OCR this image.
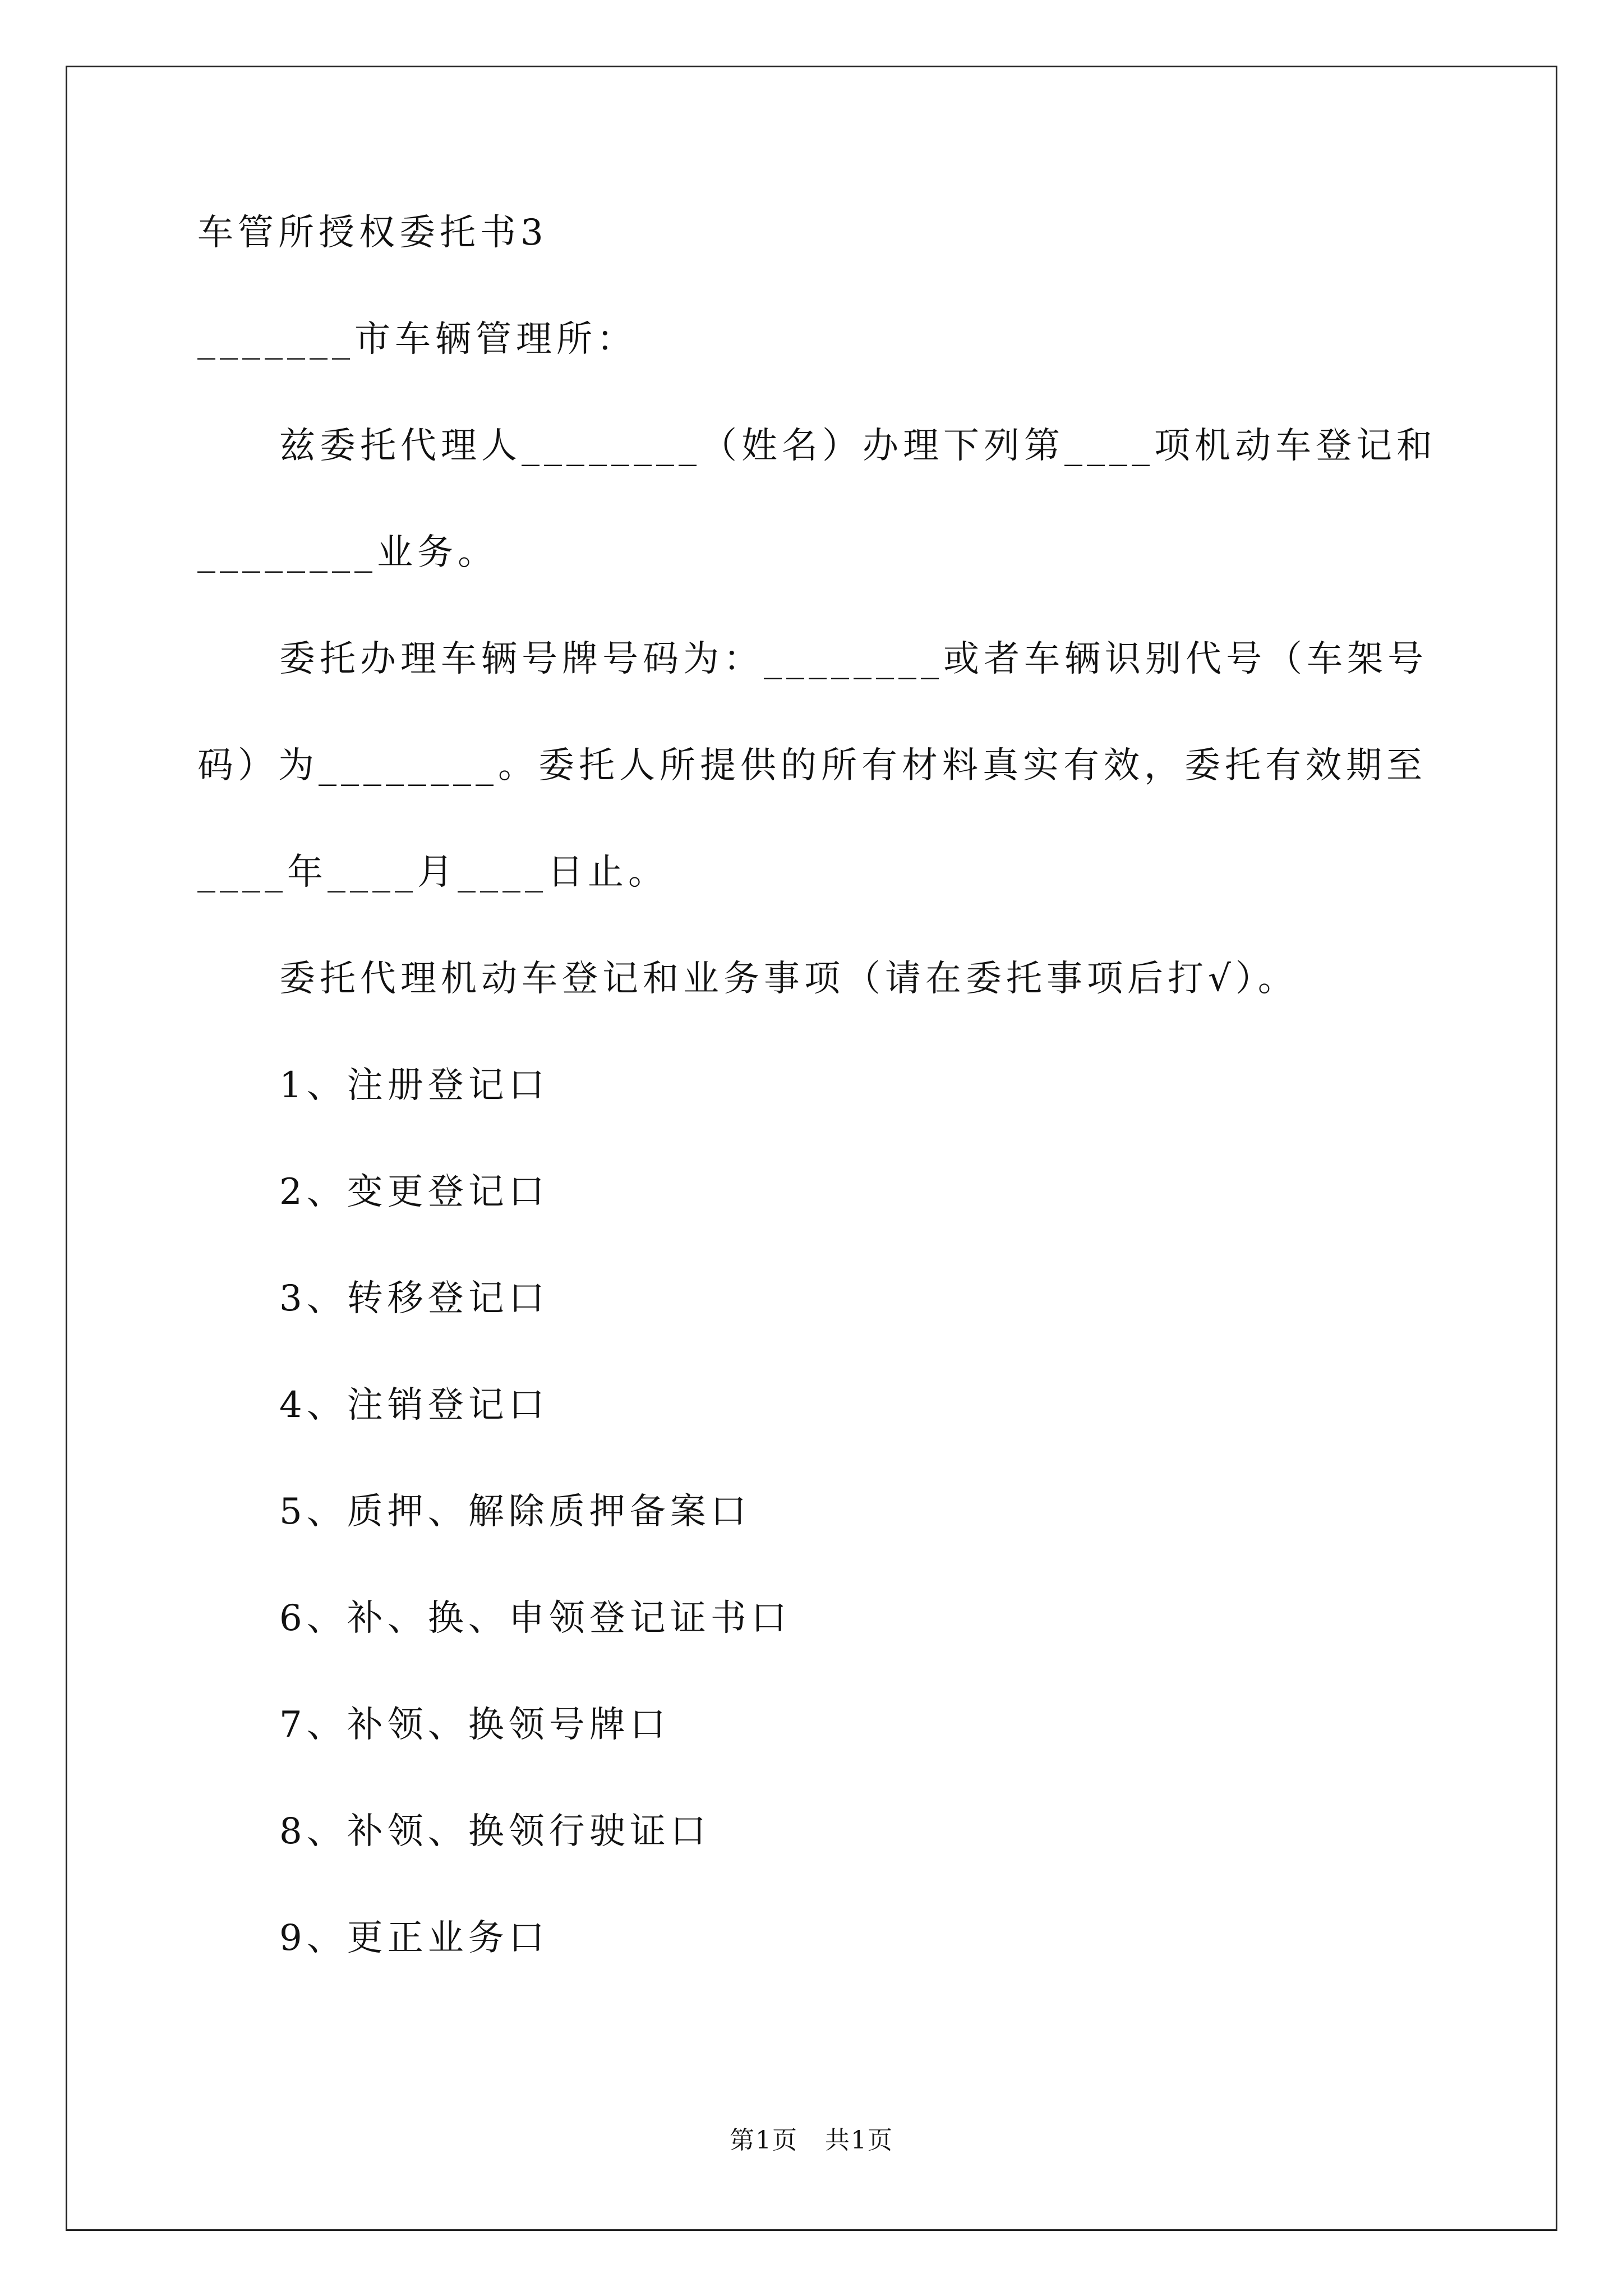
车管所授权委托书3
_______市车辆管理所：
兹委托代理人________（姓名）办理下列第____项机动车登记和
________业务。
委托办理车辆号牌号码为：________或者车辆识别代号（车架号
码）为________。委托人所提供的所有材料真实有效，委托有效期至
____年____月____日止。
委托代理机动车登记和业务事项（请在委托事项后打√）。
1、注册登记口
2、变更登记口
3、转移登记口
4、注销登记口
5、质押、解除质押备案口
6、补、换、申领登记证书口
7、补领、换领号牌口
8、补领、换领行驶证口
9、更正业务口
第1页   共1页
